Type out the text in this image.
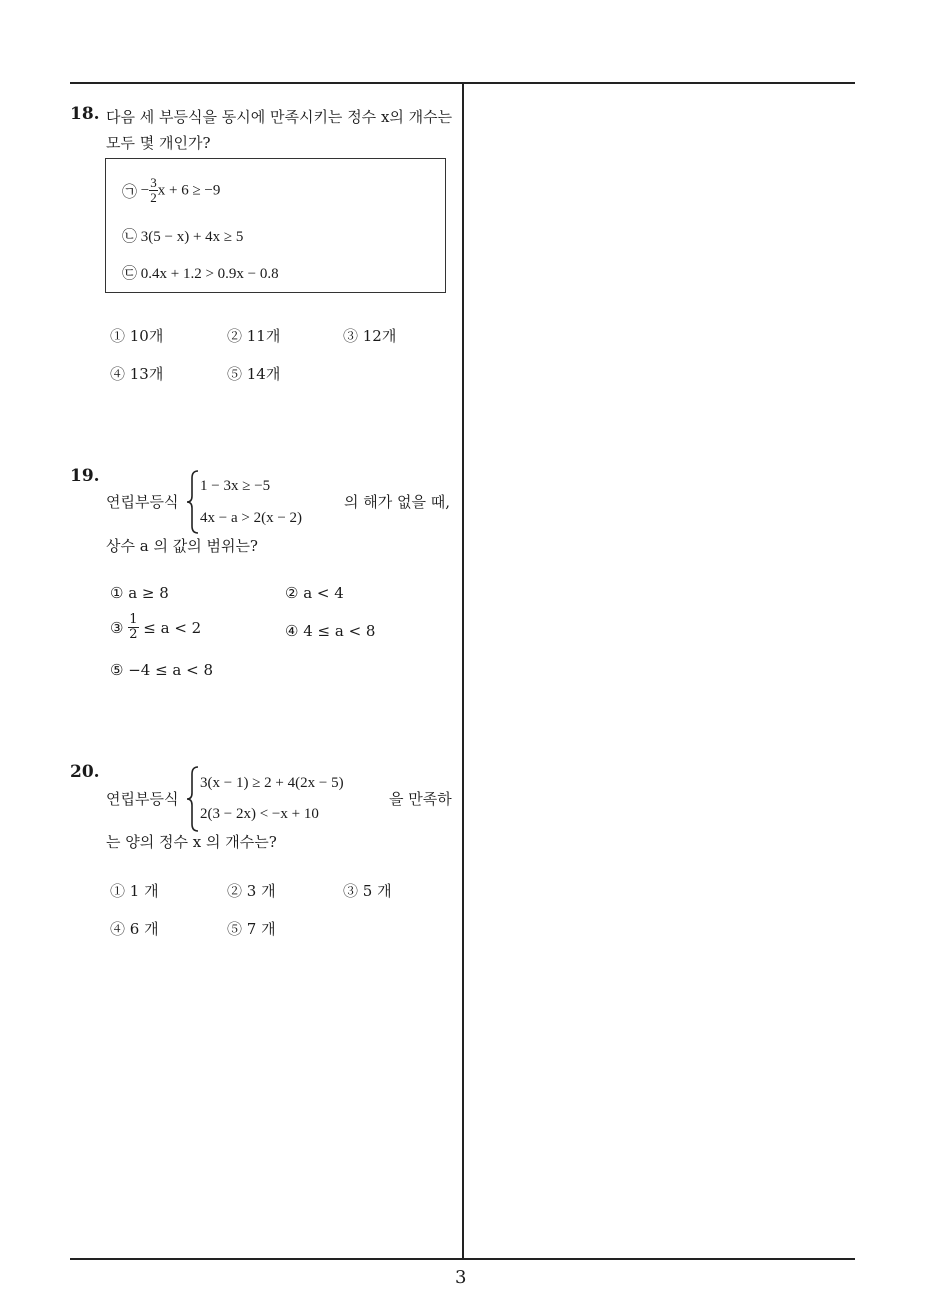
18. 다음 세 부등식을 동시에 만족시키는 정수 x의 개수는
모두 몇 개인가?
㉠ − $\frac{3}{2}$ x + 6 ≥ −9
㉡ 3(5 − x) + 4x ≥ 5
㉢ 0.4x + 1.2 > 0.9x − 0.8
① 10개	② 11개	③ 12개
④ 13개	⑤ 14개
19.
연립부등식
1 − 3x ≥ −5
4x − a > 2(x − 2)
의 해가 없을 때,
상수 a 의 값의 범위는?
① a ≥ 8	② a < 4
③ $\frac{1}{2} \le a < 2$	④ 4 ≤ a < 8
⑤ −4 ≤ a < 8
20.
연립부등식
3(x − 1) ≥ 2 + 4(2x − 5)
2(3 − 2x) < −x + 10
을 만족하
는 양의 정수 x 의 개수는?
① 1 개	② 3 개	③ 5 개
④ 6 개	⑤ 7 개
3
